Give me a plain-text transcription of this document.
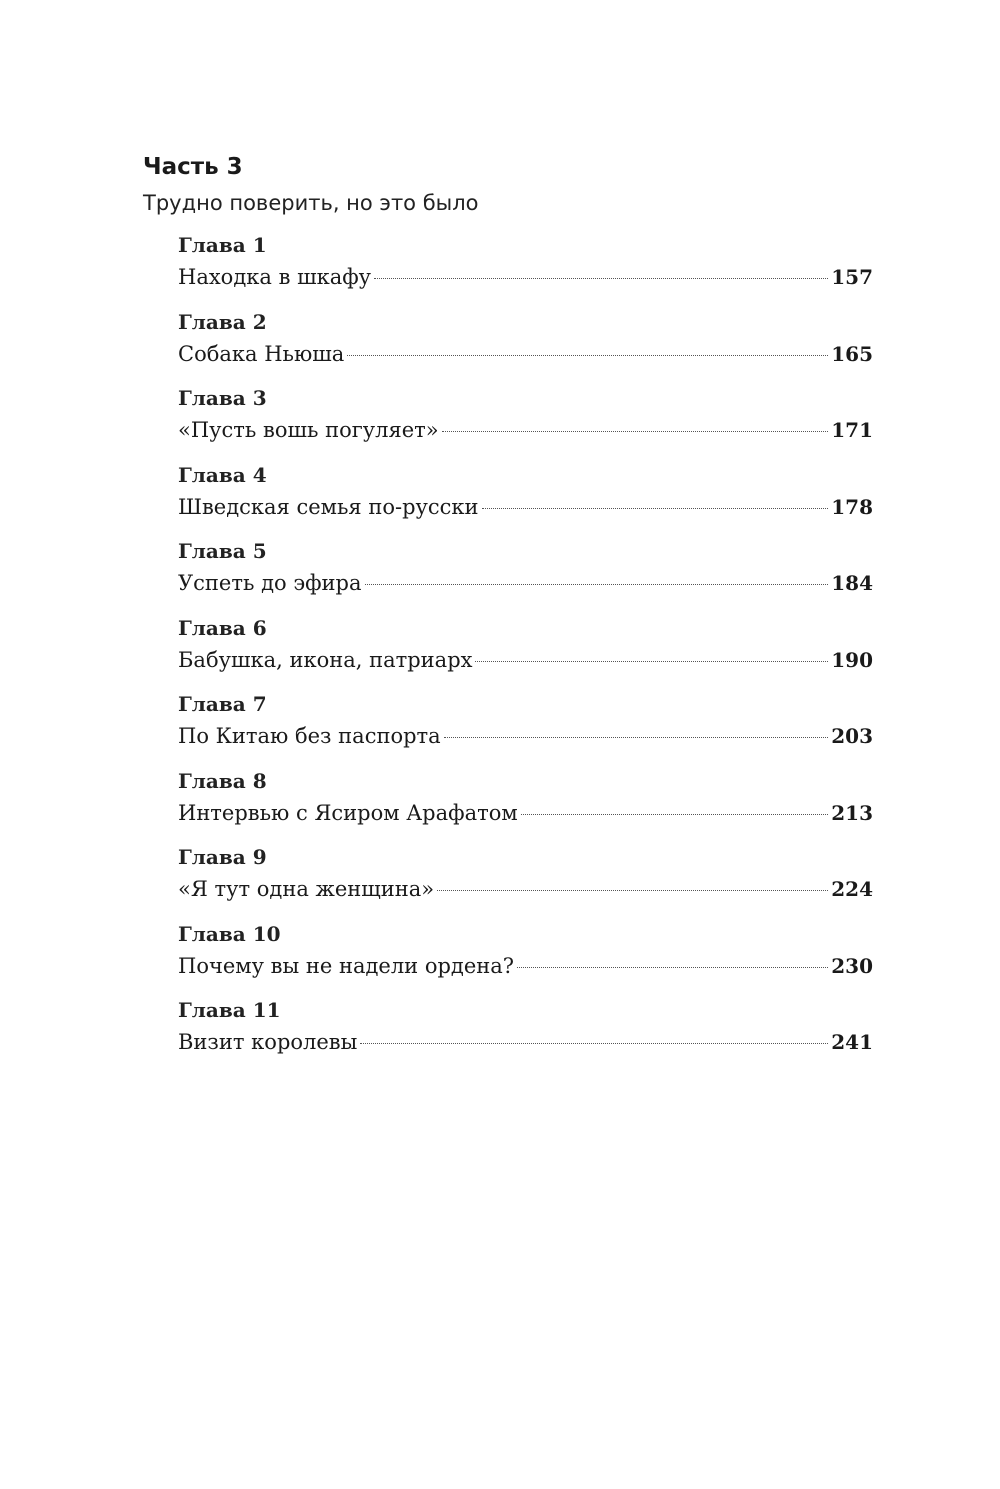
Часть 3

Трудно поверить, но это было

Глава 1
Находка в шкафу	157
Глава 2
Собака Ньюша	165
Глава 3
«Пусть вошь погуляет»	171
Глава 4
Шведская семья по-русски	178
Глава 5
Успеть до эфира	184
Глава 6
Бабушка, икона, патриарх	190
Глава 7
По Китаю без паспорта	203
Глава 8
Интервью с Ясиром Арафатом	213
Глава 9
«Я тут одна женщина»	224
Глава 10
Почему вы не надели ордена?	230
Глава 11
Визит королевы	241
